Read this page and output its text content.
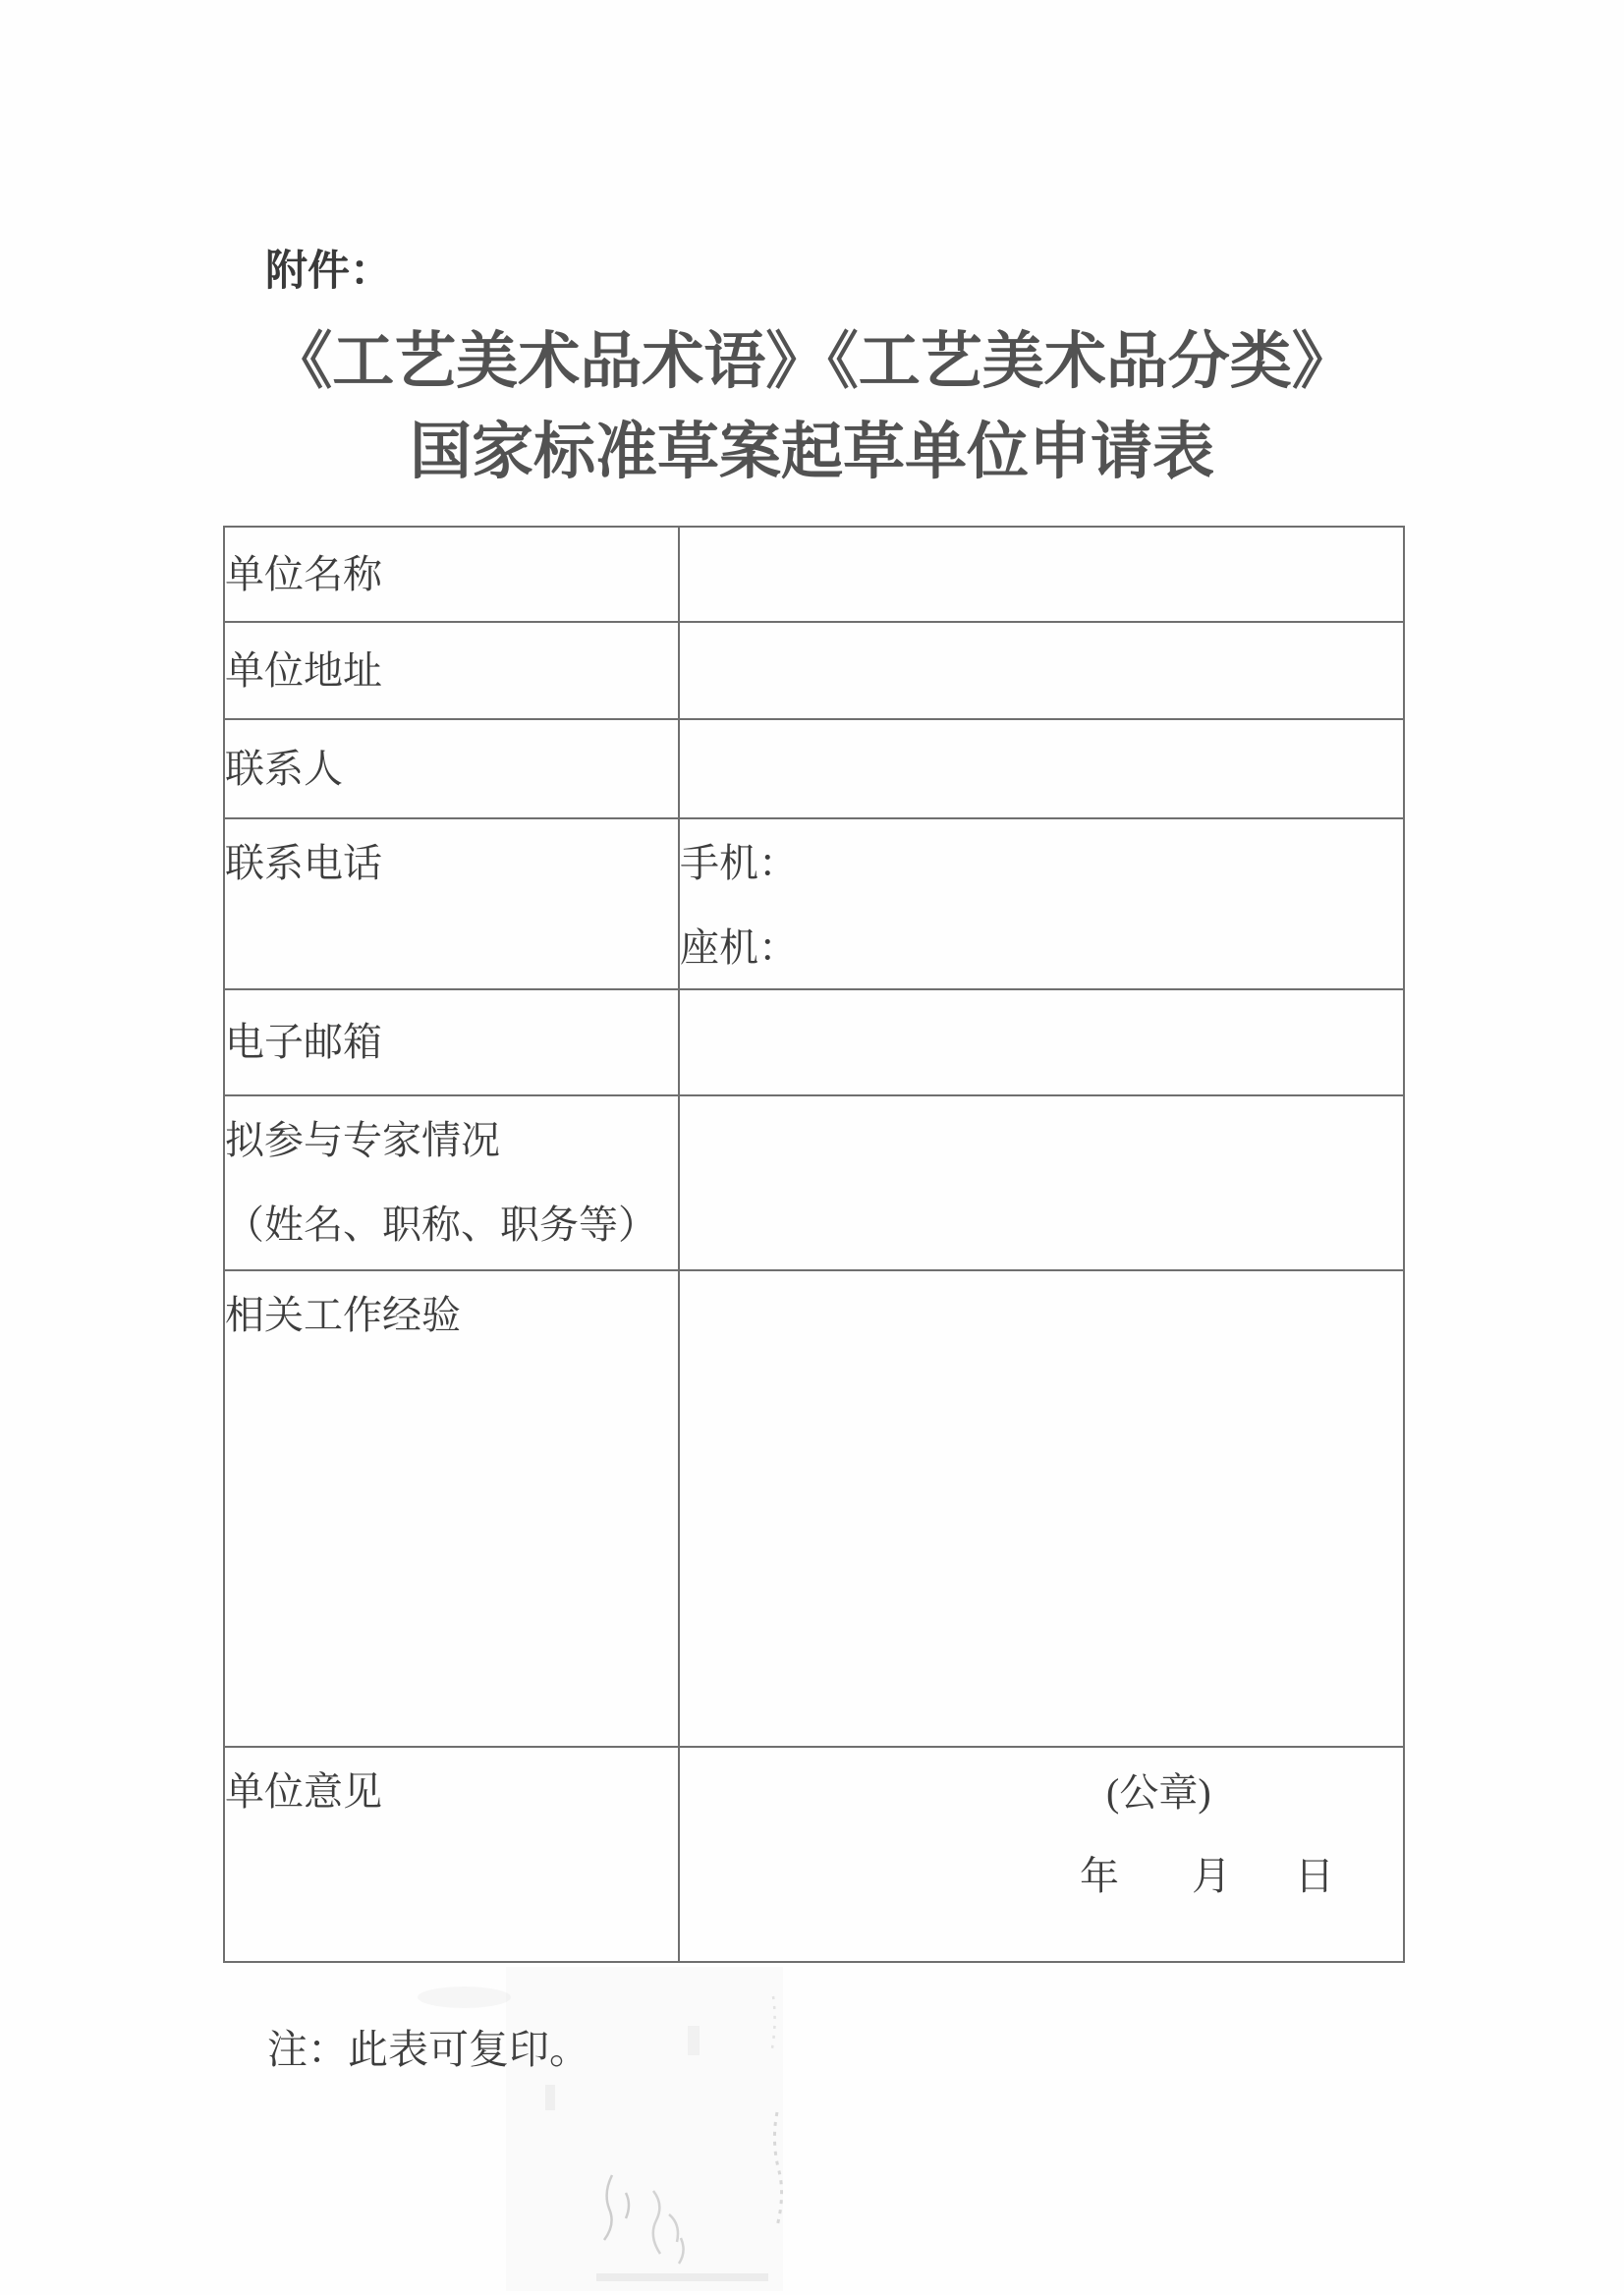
附件：
《工艺美术品术语》《工艺美术品分类》
国家标准草案起草单位申请表
单位名称	
单位地址	
联系人	
联系电话	手机：
座机：

电子邮箱	

拟参与专家情况
（姓名、职称、职务等）	

相关工作经验	
单位意见		(公章)
年 月 日
注：此表可复印。
